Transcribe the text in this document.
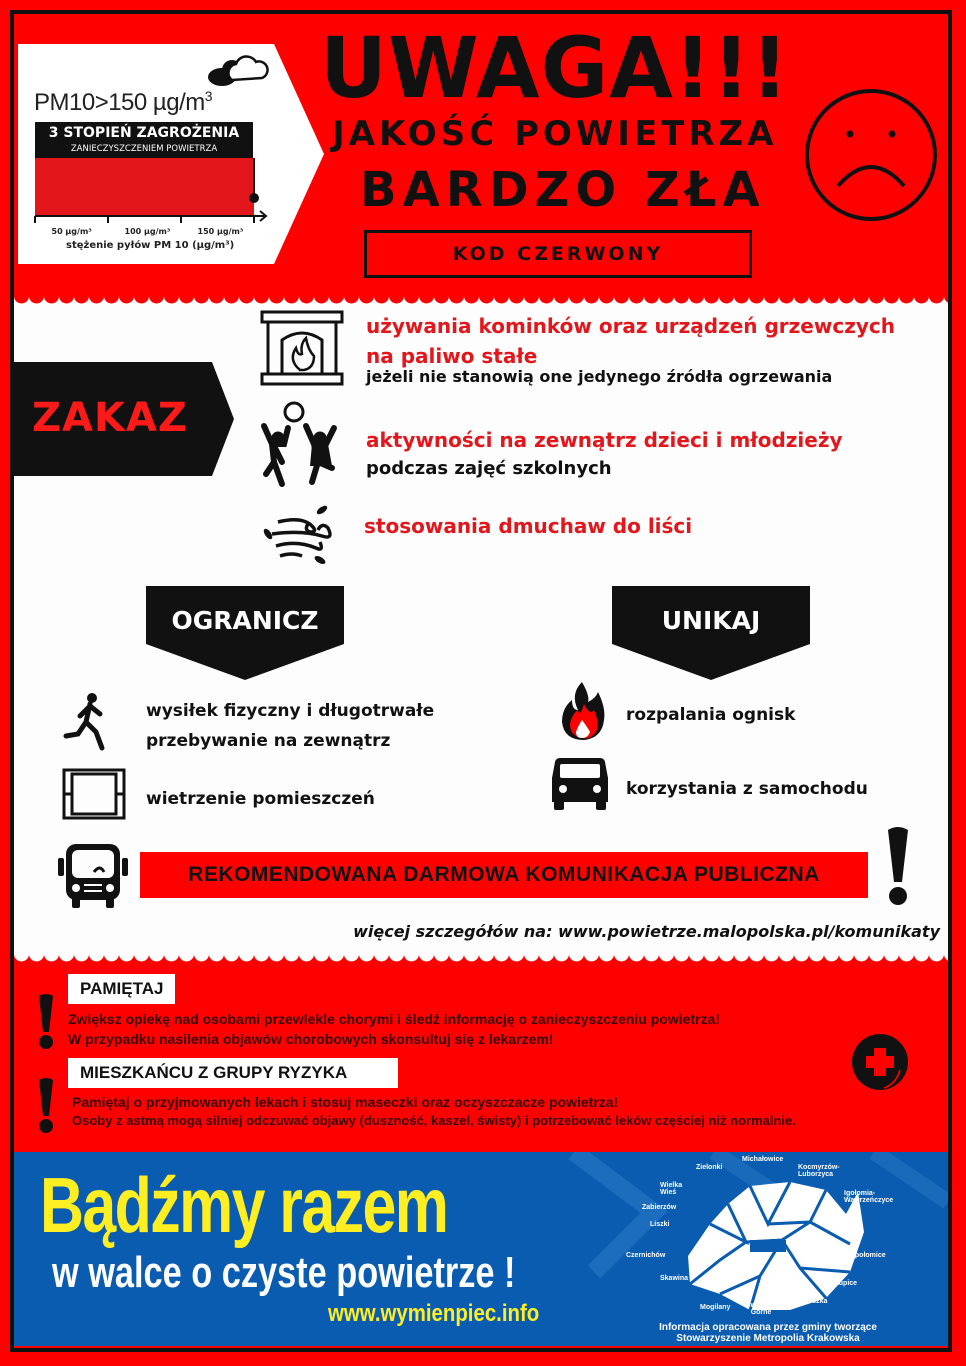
PM10>150 $\mu g/m^3$
3 STOPIEŃ ZAGROŻENIA
ZANIECZYSZCZENIEM POWIETRZA
50 µg/m³	100 µg/m³	150 µg/m³
stężenie pyłów PM 10 (µg/m³)
UWAGA!!!
JAKOŚĆ POWIETRZA
BARDZO ZŁA
KOD CZERWONY
ZAKAZ
używania kominków oraz urządzeń grzewczych
na paliwo stałe
jeżeli nie stanowią one jedynego źródła ogrzewania
aktywności na zewnątrz dzieci i młodzieży
podczas zajęć szkolnych
stosowania dmuchaw do liści
OGRANICZ	UNIKAJ
wysiłek fizyczny i długotrwałe
przebywanie na zewnątrz
wietrzenie pomieszczeń
rozpalania ognisk
korzystania z samochodu
REKOMENDOWANA DARMOWA KOMUNIKACJA PUBLICZNA
więcej szczegółów na: www.powietrze.malopolska.pl/komunikaty
PAMIĘTAJ
Zwiększ opiekę nad osobami przewlekle chorymi i śledź informację o zanieczyszczeniu powietrza!
W przypadku nasilenia objawów chorobowych skonsultuj się z lekarzem!
MIESZKAŃCU Z GRUPY RYZYKA
Pamiętaj o przyjmowanych lekach i stosuj maseczki oraz oczyszczacze powietrza!
Osoby z astmą mogą silniej odczuwać objawy (duszność, kaszel, świsty) i potrzebować leków częściej niż normalnie.
Kraków
Bądźmy razem
w walce o czyste powietrze !
www.wymienpiec.info
Michałowice
Zielonki	Kocmyrzów-Luborzyca
Wielka Wieś	Igołomia-Wawrzeńczyce
Zabierzów
Liszki
Czernichów	Niepołomice
Skawina
Biskupice
Wieliczka
Mogilany Świątniki Górne
Informacja opracowana przez gminy tworzące
Stowarzyszenie Metropolia Krakowska
